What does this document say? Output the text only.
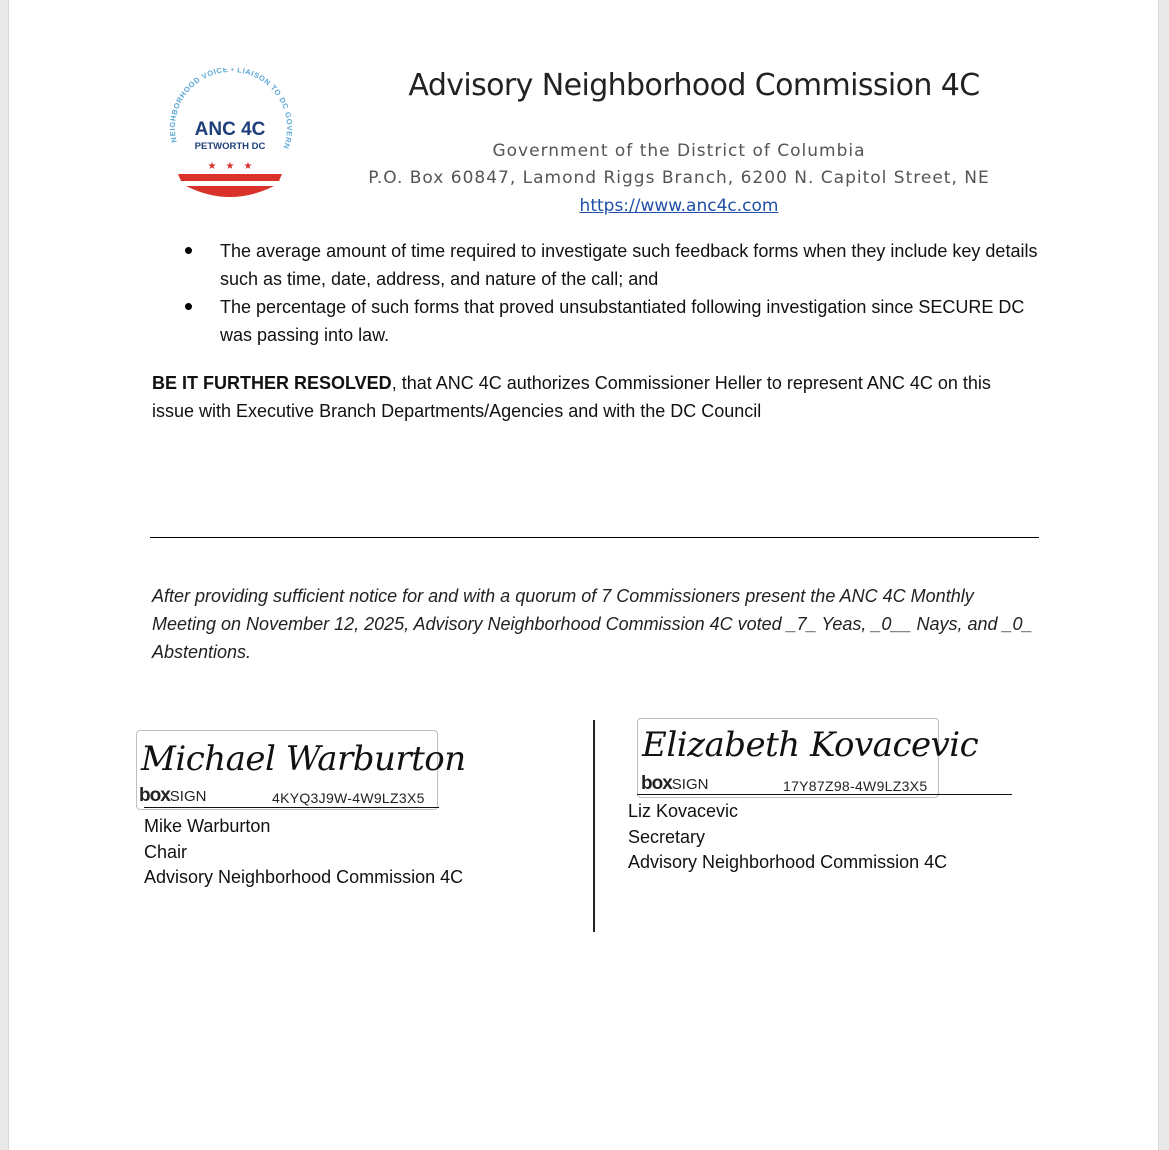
NEIGHBORHOOD VOICE • LIAISON TO DC GOVERN
ANC 4C
PETWORTH DC
★ ★ ★
Advisory Neighborhood Commission 4C
Government of the District of Columbia
P.O. Box 60847, Lamond Riggs Branch, 6200 N. Capitol Street, NE
https://www.anc4c.com
The average amount of time required to investigate such feedback forms when they include key details such as time, date, address, and nature of the call; and
The percentage of such forms that proved unsubstantiated following investigation since SECURE DC was passing into law.
BE IT FURTHER RESOLVED, that ANC 4C authorizes Commissioner Heller to represent ANC 4C on this issue with Executive Branch Departments/Agencies and with the DC Council
After providing sufficient notice for and with a quorum of 7 Commissioners present the ANC 4C Monthly Meeting on November 12, 2025, Advisory Neighborhood Commission 4C voted _7_ Yeas, _0__ Nays, and _0_ Abstentions.
Michael Warburton
boxSIGN	4KYQ3J9W-4W9LZ3X5
Mike Warburton
Chair
Advisory Neighborhood Commission 4C
Elizabeth Kovacevic
boxSIGN	17Y87Z98-4W9LZ3X5
Liz Kovacevic
Secretary
Advisory Neighborhood Commission 4C
